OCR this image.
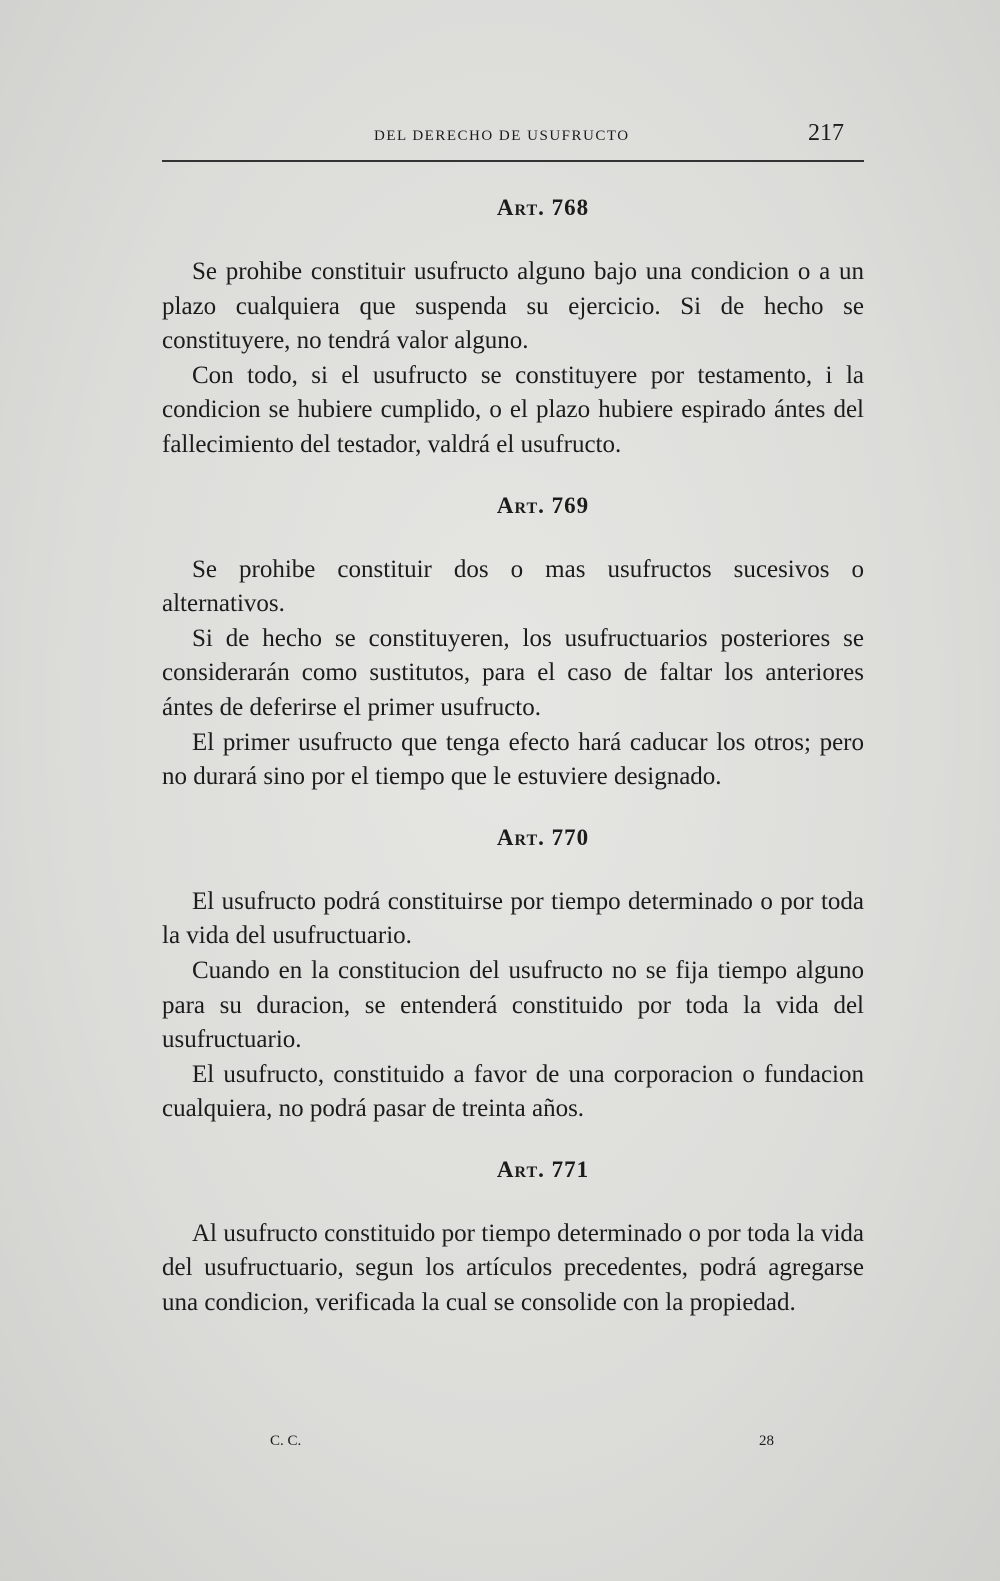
DEL DERECHO DE USUFRUCTO	217
Art. 768

Se prohibe constituir usufructo alguno bajo una condicion o a un plazo cualquiera que suspenda su ejercicio. Si de hecho se constituyere, no tendrá valor alguno.

Con todo, si el usufructo se constituyere por testamento, i la condicion se hubiere cumplido, o el plazo hubiere espirado ántes del fallecimiento del testador, valdrá el usufructo.

Art. 769

Se prohibe constituir dos o mas usufructos sucesivos o alternativos.

Si de hecho se constituyeren, los usufructuarios posteriores se considerarán como sustitutos, para el caso de faltar los anteriores ántes de deferirse el primer usufructo.

El primer usufructo que tenga efecto hará caducar los otros; pero no durará sino por el tiempo que le estuviere designado.

Art. 770

El usufructo podrá constituirse por tiempo determinado o por toda la vida del usufructuario.

Cuando en la constitucion del usufructo no se fija tiempo alguno para su duracion, se entenderá constituido por toda la vida del usufructuario.

El usufructo, constituido a favor de una corporacion o fundacion cualquiera, no podrá pasar de treinta años.

Art. 771

Al usufructo constituido por tiempo determinado o por toda la vida del usufructuario, segun los artículos precedentes, podrá agregarse una condicion, verificada la cual se consolide con la propiedad.

C. C.	28
